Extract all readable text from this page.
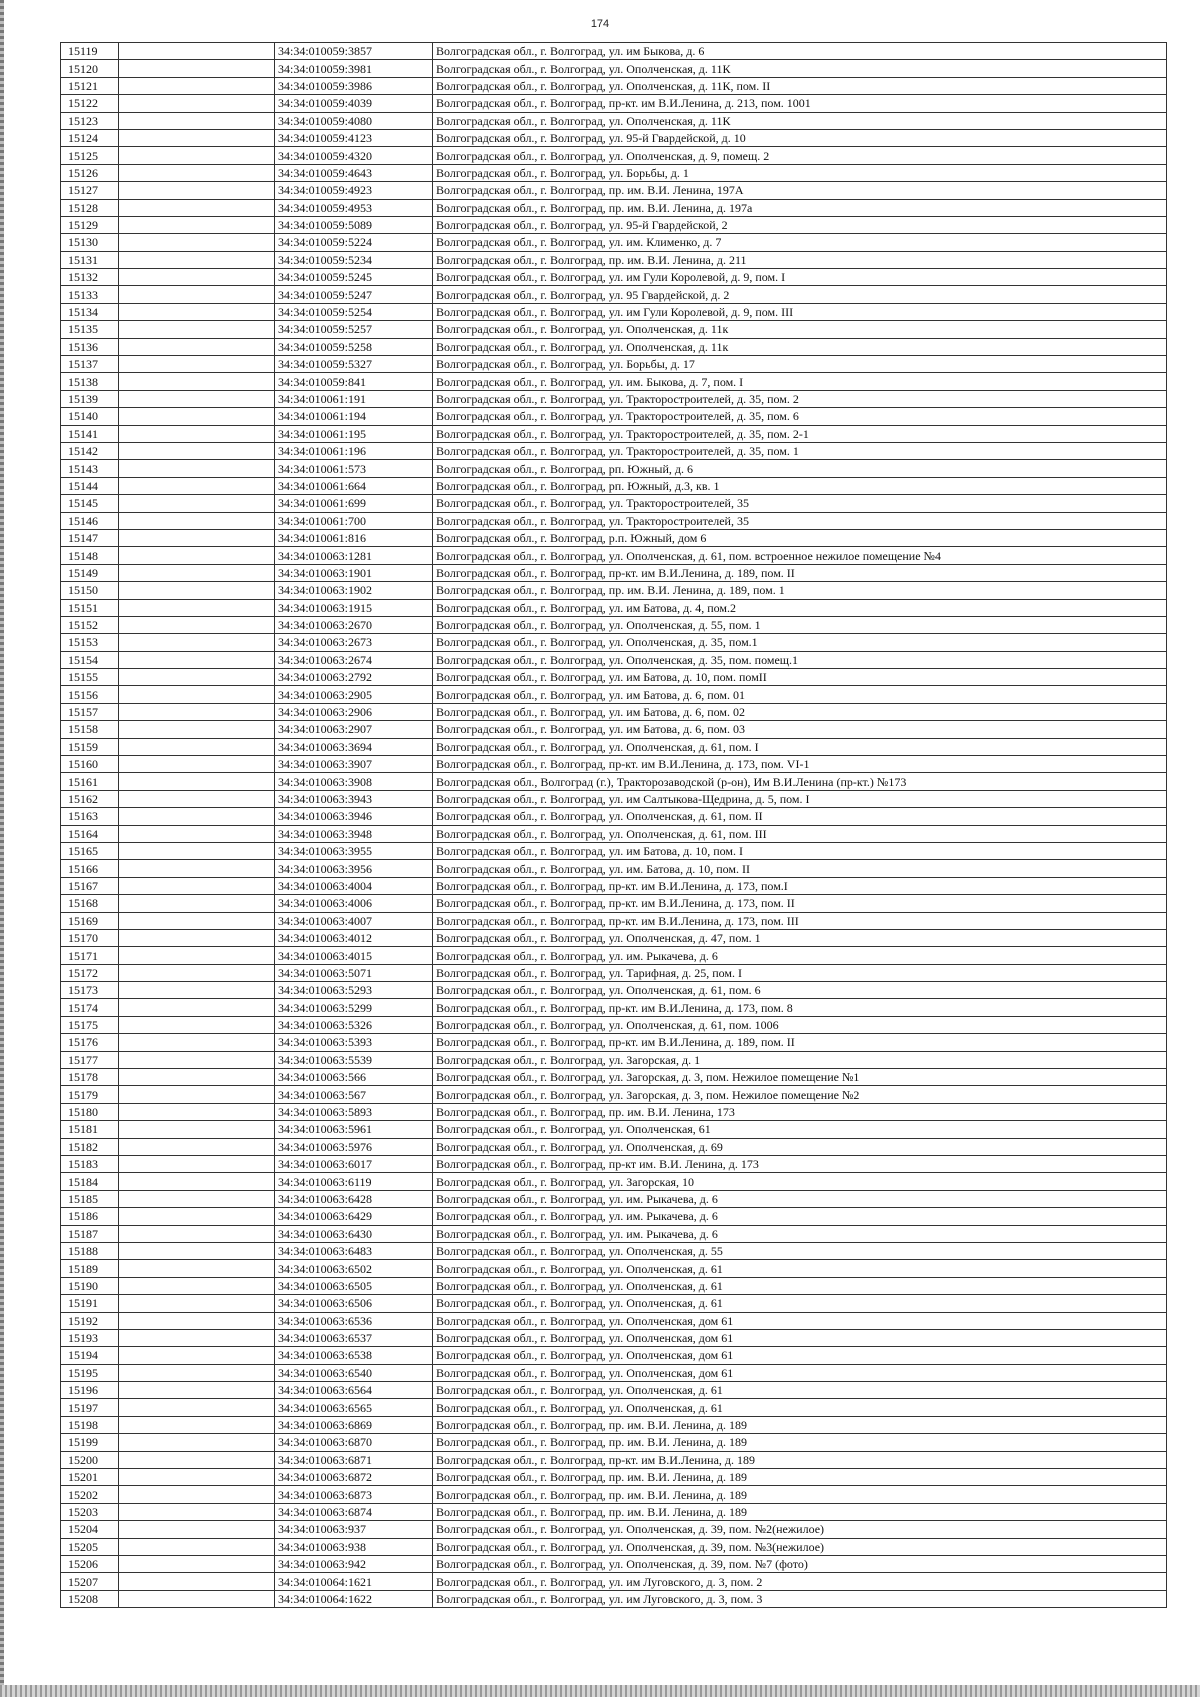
174
15119		34:34:010059:3857	Волгоградская обл., г. Волгоград, ул. им Быкова, д. 6
15120		34:34:010059:3981	Волгоградская обл., г. Волгоград, ул. Ополченская, д. 11К
15121		34:34:010059:3986	Волгоградская обл., г. Волгоград, ул. Ополченская, д. 11К, пом. II
15122		34:34:010059:4039	Волгоградская обл., г. Волгоград, пр-кт. им В.И.Ленина, д. 213, пом. 1001
15123		34:34:010059:4080	Волгоградская обл., г. Волгоград, ул. Ополченская, д. 11К
15124		34:34:010059:4123	Волгоградская обл., г. Волгоград, ул. 95-й Гвардейской, д. 10
15125		34:34:010059:4320	Волгоградская обл., г. Волгоград, ул. Ополченская, д. 9, помещ. 2
15126		34:34:010059:4643	Волгоградская обл., г. Волгоград, ул. Борьбы, д. 1
15127		34:34:010059:4923	Волгоградская обл., г. Волгоград, пр. им. В.И. Ленина, 197А
15128		34:34:010059:4953	Волгоградская обл., г. Волгоград, пр. им. В.И. Ленина, д. 197а
15129		34:34:010059:5089	Волгоградская обл., г. Волгоград, ул. 95-й Гвардейской, 2
15130		34:34:010059:5224	Волгоградская обл., г. Волгоград, ул. им. Клименко, д. 7
15131		34:34:010059:5234	Волгоградская обл., г. Волгоград, пр. им. В.И. Ленина, д. 211
15132		34:34:010059:5245	Волгоградская обл., г. Волгоград, ул. им Гули Королевой, д. 9, пом. I
15133		34:34:010059:5247	Волгоградская обл., г. Волгоград, ул. 95 Гвардейской, д. 2
15134		34:34:010059:5254	Волгоградская обл., г. Волгоград, ул. им Гули Королевой, д. 9, пом. III
15135		34:34:010059:5257	Волгоградская обл., г. Волгоград, ул. Ополченская, д. 11к
15136		34:34:010059:5258	Волгоградская обл., г. Волгоград, ул. Ополченская, д. 11к
15137		34:34:010059:5327	Волгоградская обл., г. Волгоград, ул. Борьбы, д. 17
15138		34:34:010059:841	Волгоградская обл., г. Волгоград, ул. им. Быкова, д. 7, пом. I
15139		34:34:010061:191	Волгоградская обл., г. Волгоград, ул. Тракторостроителей, д. 35, пом. 2
15140		34:34:010061:194	Волгоградская обл., г. Волгоград, ул. Тракторостроителей, д. 35, пом. 6
15141		34:34:010061:195	Волгоградская обл., г. Волгоград, ул. Тракторостроителей, д. 35, пом. 2-1
15142		34:34:010061:196	Волгоградская обл., г. Волгоград, ул. Тракторостроителей, д. 35, пом. 1
15143		34:34:010061:573	Волгоградская обл., г. Волгоград, рп. Южный, д. 6
15144		34:34:010061:664	Волгоградская обл., г. Волгоград, рп. Южный, д.3, кв. 1
15145		34:34:010061:699	Волгоградская обл., г. Волгоград, ул. Тракторостроителей, 35
15146		34:34:010061:700	Волгоградская обл., г. Волгоград, ул. Тракторостроителей, 35
15147		34:34:010061:816	Волгоградская обл., г. Волгоград, р.п. Южный, дом 6
15148		34:34:010063:1281	Волгоградская обл., г. Волгоград, ул. Ополченская, д. 61, пом. встроенное нежилое помещение №4
15149		34:34:010063:1901	Волгоградская обл., г. Волгоград, пр-кт. им В.И.Ленина, д. 189, пом. II
15150		34:34:010063:1902	Волгоградская обл., г. Волгоград, пр. им. В.И. Ленина, д. 189, пом. 1
15151		34:34:010063:1915	Волгоградская обл., г. Волгоград, ул. им Батова, д. 4, пом.2
15152		34:34:010063:2670	Волгоградская обл., г. Волгоград, ул. Ополченская, д. 55, пом. 1
15153		34:34:010063:2673	Волгоградская обл., г. Волгоград, ул. Ополченская, д. 35, пом.1
15154		34:34:010063:2674	Волгоградская обл., г. Волгоград, ул. Ополченская, д. 35, пом. помещ.1
15155		34:34:010063:2792	Волгоградская обл., г. Волгоград, ул. им Батова, д. 10, пом. помII
15156		34:34:010063:2905	Волгоградская обл., г. Волгоград, ул. им Батова, д. 6, пом. 01
15157		34:34:010063:2906	Волгоградская обл., г. Волгоград, ул. им Батова, д. 6, пом. 02
15158		34:34:010063:2907	Волгоградская обл., г. Волгоград, ул. им Батова, д. 6, пом. 03
15159		34:34:010063:3694	Волгоградская обл., г. Волгоград, ул. Ополченская, д. 61, пом. I
15160		34:34:010063:3907	Волгоградская обл., г. Волгоград, пр-кт. им В.И.Ленина, д. 173, пом. VI-1
15161		34:34:010063:3908	Волгоградская обл., Волгоград (г.), Тракторозаводской (р-он), Им В.И.Ленина (пр-кт.) №173
15162		34:34:010063:3943	Волгоградская обл., г. Волгоград, ул. им Салтыкова-Щедрина, д. 5, пом. I
15163		34:34:010063:3946	Волгоградская обл., г. Волгоград, ул. Ополченская, д. 61, пом. II
15164		34:34:010063:3948	Волгоградская обл., г. Волгоград, ул. Ополченская, д. 61, пом. III
15165		34:34:010063:3955	Волгоградская обл., г. Волгоград, ул. им Батова, д. 10, пом. I
15166		34:34:010063:3956	Волгоградская обл., г. Волгоград, ул. им. Батова, д. 10, пом. II
15167		34:34:010063:4004	Волгоградская обл., г. Волгоград, пр-кт. им В.И.Ленина, д. 173, пом.I
15168		34:34:010063:4006	Волгоградская обл., г. Волгоград, пр-кт. им В.И.Ленина, д. 173, пом. II
15169		34:34:010063:4007	Волгоградская обл., г. Волгоград, пр-кт. им В.И.Ленина, д. 173, пом. III
15170		34:34:010063:4012	Волгоградская обл., г. Волгоград, ул. Ополченская, д. 47, пом. 1
15171		34:34:010063:4015	Волгоградская обл., г. Волгоград, ул. им. Рыкачева, д. 6
15172		34:34:010063:5071	Волгоградская обл., г. Волгоград, ул. Тарифная, д. 25, пом. I
15173		34:34:010063:5293	Волгоградская обл., г. Волгоград, ул. Ополченская, д. 61, пом. 6
15174		34:34:010063:5299	Волгоградская обл., г. Волгоград, пр-кт. им В.И.Ленина, д. 173, пом. 8
15175		34:34:010063:5326	Волгоградская обл., г. Волгоград, ул. Ополченская, д. 61, пом. 1006
15176		34:34:010063:5393	Волгоградская обл., г. Волгоград, пр-кт. им В.И.Ленина, д. 189, пом. II
15177		34:34:010063:5539	Волгоградская обл., г. Волгоград, ул. Загорская, д. 1
15178		34:34:010063:566	Волгоградская обл., г. Волгоград, ул. Загорская, д. 3, пом. Нежилое помещение №1
15179		34:34:010063:567	Волгоградская обл., г. Волгоград, ул. Загорская, д. 3, пом. Нежилое помещение №2
15180		34:34:010063:5893	Волгоградская обл., г. Волгоград, пр. им. В.И. Ленина, 173
15181		34:34:010063:5961	Волгоградская обл., г. Волгоград, ул. Ополченская, 61
15182		34:34:010063:5976	Волгоградская обл., г. Волгоград, ул. Ополченская, д. 69
15183		34:34:010063:6017	Волгоградская обл., г. Волгоград, пр-кт им. В.И. Ленина, д. 173
15184		34:34:010063:6119	Волгоградская обл., г. Волгоград, ул. Загорская, 10
15185		34:34:010063:6428	Волгоградская обл., г. Волгоград, ул. им. Рыкачева, д. 6
15186		34:34:010063:6429	Волгоградская обл., г. Волгоград, ул. им. Рыкачева, д. 6
15187		34:34:010063:6430	Волгоградская обл., г. Волгоград, ул. им. Рыкачева, д. 6
15188		34:34:010063:6483	Волгоградская обл., г. Волгоград, ул. Ополченская, д. 55
15189		34:34:010063:6502	Волгоградская обл., г. Волгоград, ул. Ополченская, д. 61
15190		34:34:010063:6505	Волгоградская обл., г. Волгоград, ул. Ополченская, д. 61
15191		34:34:010063:6506	Волгоградская обл., г. Волгоград, ул. Ополченская, д. 61
15192		34:34:010063:6536	Волгоградская обл., г. Волгоград, ул. Ополченская, дом 61
15193		34:34:010063:6537	Волгоградская обл., г. Волгоград, ул. Ополченская, дом 61
15194		34:34:010063:6538	Волгоградская обл., г. Волгоград, ул. Ополченская, дом 61
15195		34:34:010063:6540	Волгоградская обл., г. Волгоград, ул. Ополченская, дом 61
15196		34:34:010063:6564	Волгоградская обл., г. Волгоград, ул. Ополченская, д. 61
15197		34:34:010063:6565	Волгоградская обл., г. Волгоград, ул. Ополченская, д. 61
15198		34:34:010063:6869	Волгоградская обл., г. Волгоград, пр. им. В.И. Ленина, д. 189
15199		34:34:010063:6870	Волгоградская обл., г. Волгоград, пр. им. В.И. Ленина, д. 189
15200		34:34:010063:6871	Волгоградская обл., г. Волгоград, пр-кт. им В.И.Ленина, д. 189
15201		34:34:010063:6872	Волгоградская обл., г. Волгоград, пр. им. В.И. Ленина, д. 189
15202		34:34:010063:6873	Волгоградская обл., г. Волгоград, пр. им. В.И. Ленина, д. 189
15203		34:34:010063:6874	Волгоградская обл., г. Волгоград, пр. им. В.И. Ленина, д. 189
15204		34:34:010063:937	Волгоградская обл., г. Волгоград, ул. Ополченская, д. 39, пом. №2(нежилое)
15205		34:34:010063:938	Волгоградская обл., г. Волгоград, ул. Ополченская, д. 39, пом. №3(нежилое)
15206		34:34:010063:942	Волгоградская обл., г. Волгоград, ул. Ополченская, д. 39, пом. №7 (фото)
15207		34:34:010064:1621	Волгоградская обл., г. Волгоград, ул. им Луговского, д. 3, пом. 2
15208		34:34:010064:1622	Волгоградская обл., г. Волгоград, ул. им Луговского, д. 3, пом. 3
